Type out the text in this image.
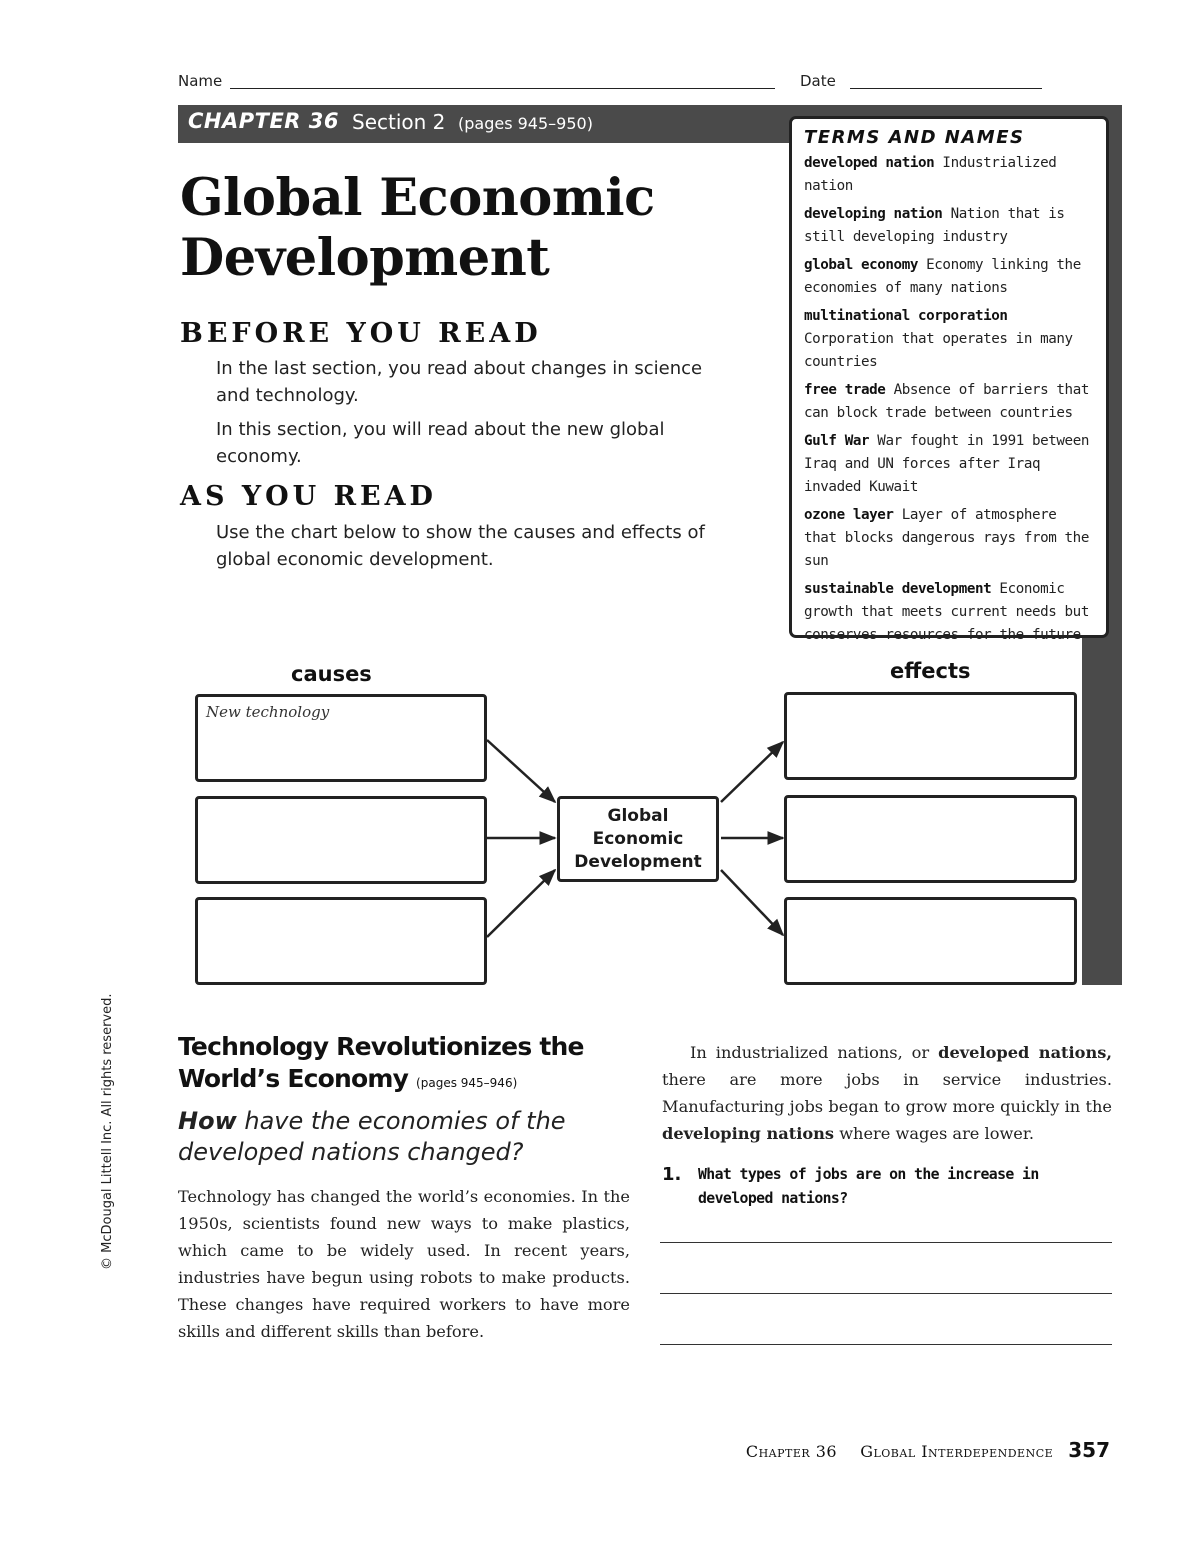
Name	Date
CHAPTER 36 Section 2 (pages 945–950)
Global Economic Development
BEFORE YOU READ
In the last section, you read about changes in science and technology.
In this section, you will read about the new global economy.
AS YOU READ
Use the chart below to show the causes and effects of global economic development.
TERMS AND NAMES
developed nation Industrialized nation
developing nation Nation that is still developing industry
global economy Economy linking the economies of many nations
multinational corporation Corporation that operates in many countries
free trade Absence of barriers that can block trade between countries
Gulf War War fought in 1991 between Iraq and UN forces after Iraq invaded Kuwait
ozone layer Layer of atmosphere that blocks dangerous rays from the sun
sustainable development Economic growth that meets current needs but conserves resources for the future
causes	effects
New technology
Global Economic Development
Technology Revolutionizes the World’s Economy (pages 945–946)
How have the economies of the developed nations changed?
Technology has changed the world’s economies. In the 1950s, scientists found new ways to make plastics, which came to be widely used. In recent years, industries have begun using robots to make products. These changes have required workers to have more skills and different skills than before.
In industrialized nations, or developed nations, there are more jobs in service industries. Manufacturing jobs began to grow more quickly in the developing nations where wages are lower.
1. What types of jobs are on the increase in developed nations?
© McDougal Littell Inc. All rights reserved.
Chapter 36 Global Interdependence 357
